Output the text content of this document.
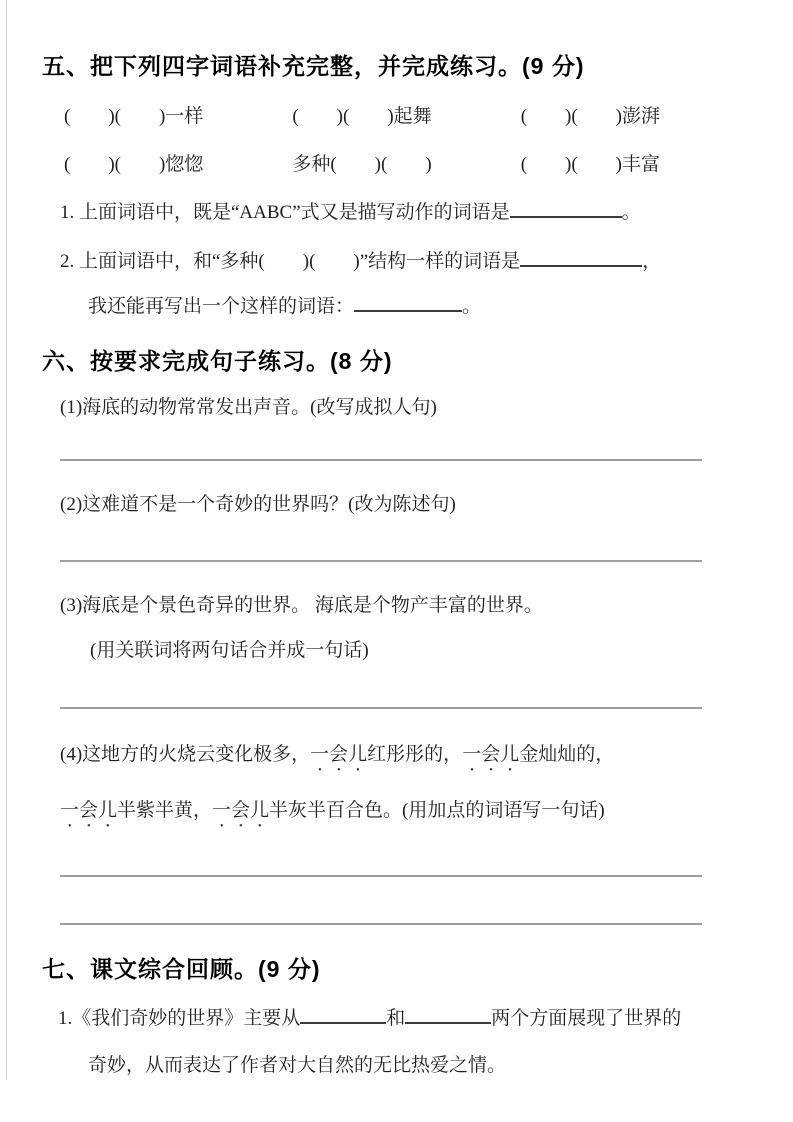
五、把下列四字词语补充完整，并完成练习。(9 分)
(　　)(　　)一样	(　　)(　　)起舞	(　　)(　　)澎湃
(　　)(　　)惚惚	多种(　　)(　　)	(　　)(　　)丰富

1. 上面词语中，既是“AABC”式又是描写动作的词语是	。

2. 上面词语中，和“多种(　　)(　　)”结构一样的词语是	，

我还能再写出一个这样的词语：	。

六、按要求完成句子练习。(8 分)

(1)海底的动物常常发出声音。(改写成拟人句)

(2)这难道不是一个奇妙的世界吗？(改为陈述句)

(3)海底是个景色奇异的世界。 海底是个物产丰富的世界。

(用关联词将两句话合并成一句话)

(4)这地方的火烧云变化极多，一会儿红彤彤的，一会儿金灿灿的，

一会儿半紫半黄，一会儿半灰半百合色。(用加点的词语写一句话)

七、课文综合回顾。(9 分)

1.《我们奇妙的世界》主要从	和	两个方面展现了世界的

奇妙，从而表达了作者对大自然的无比热爱之情。
